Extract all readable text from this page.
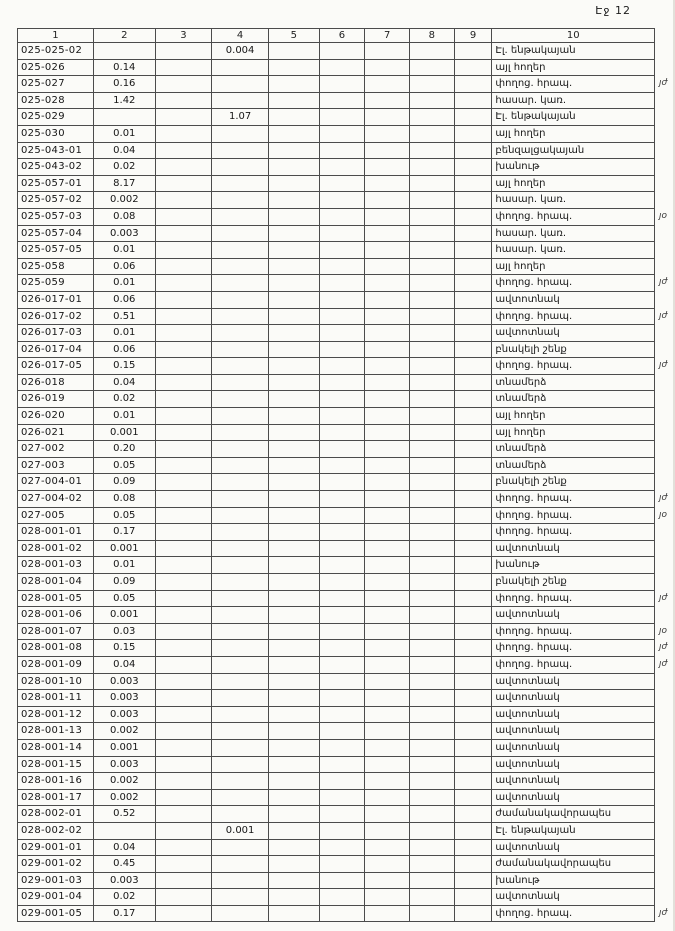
Էջ 12
1	2	3	4	5	6	7	8	9	10	
025-025-02			0.004						Էլ. ենթակայան	
025-026	0.14								այլ հողեր	
025-027	0.16								փողոց. հրապ.	յժ
025-028	1.42								հասար. կառ.	
025-029			1.07						Էլ. ենթակայան	
025-030	0.01								այլ հողեր	
025-043-01	0.04								բենզալցակայան	
025-043-02	0.02								խանութ	
025-057-01	8.17								այլ հողեր	
025-057-02	0.002								հասար. կառ.	
025-057-03	0.08								փողոց. հրապ.	յօ
025-057-04	0.003								հասար. կառ.	
025-057-05	0.01								հասար. կառ.	
025-058	0.06								այլ հողեր	
025-059	0.01								փողոց. հրապ.	յժ
026-017-01	0.06								ավտոտնակ	
026-017-02	0.51								փողոց. հրապ.	յժ
026-017-03	0.01								ավտոտնակ	
026-017-04	0.06								բնակելի շենք	
026-017-05	0.15								փողոց. հրապ.	յժ
026-018	0.04								տնամերձ	
026-019	0.02								տնամերձ	
026-020	0.01								այլ հողեր	
026-021	0.001								այլ հողեր	
027-002	0.20								տնամերձ	
027-003	0.05								տնամերձ	
027-004-01	0.09								բնակելի շենք	
027-004-02	0.08								փողոց. հրապ.	յժ
027-005	0.05								փողոց. հրապ.	յօ
028-001-01	0.17								փողոց. հրապ.	
028-001-02	0.001								ավտոտնակ	
028-001-03	0.01								խանութ	
028-001-04	0.09								բնակելի շենք	
028-001-05	0.05								փողոց. հրապ.	յժ
028-001-06	0.001								ավտոտնակ	
028-001-07	0.03								փողոց. հրապ.	յօ
028-001-08	0.15								փողոց. հրապ.	յժ
028-001-09	0.04								փողոց. հրապ.	յժ
028-001-10	0.003								ավտոտնակ	
028-001-11	0.003								ավտոտնակ	
028-001-12	0.003								ավտոտնակ	
028-001-13	0.002								ավտոտնակ	
028-001-14	0.001								ավտոտնակ	
028-001-15	0.003								ավտոտնակ	
028-001-16	0.002								ավտոտնակ	
028-001-17	0.002								ավտոտնակ	
028-002-01	0.52								ժամանակավորապես	
028-002-02			0.001						Էլ. ենթակայան	
029-001-01	0.04								ավտոտնակ	
029-001-02	0.45								ժամանակավորապես	
029-001-03	0.003								խանութ	
029-001-04	0.02								ավտոտնակ	
029-001-05	0.17								փողոց. հրապ.	յժ
